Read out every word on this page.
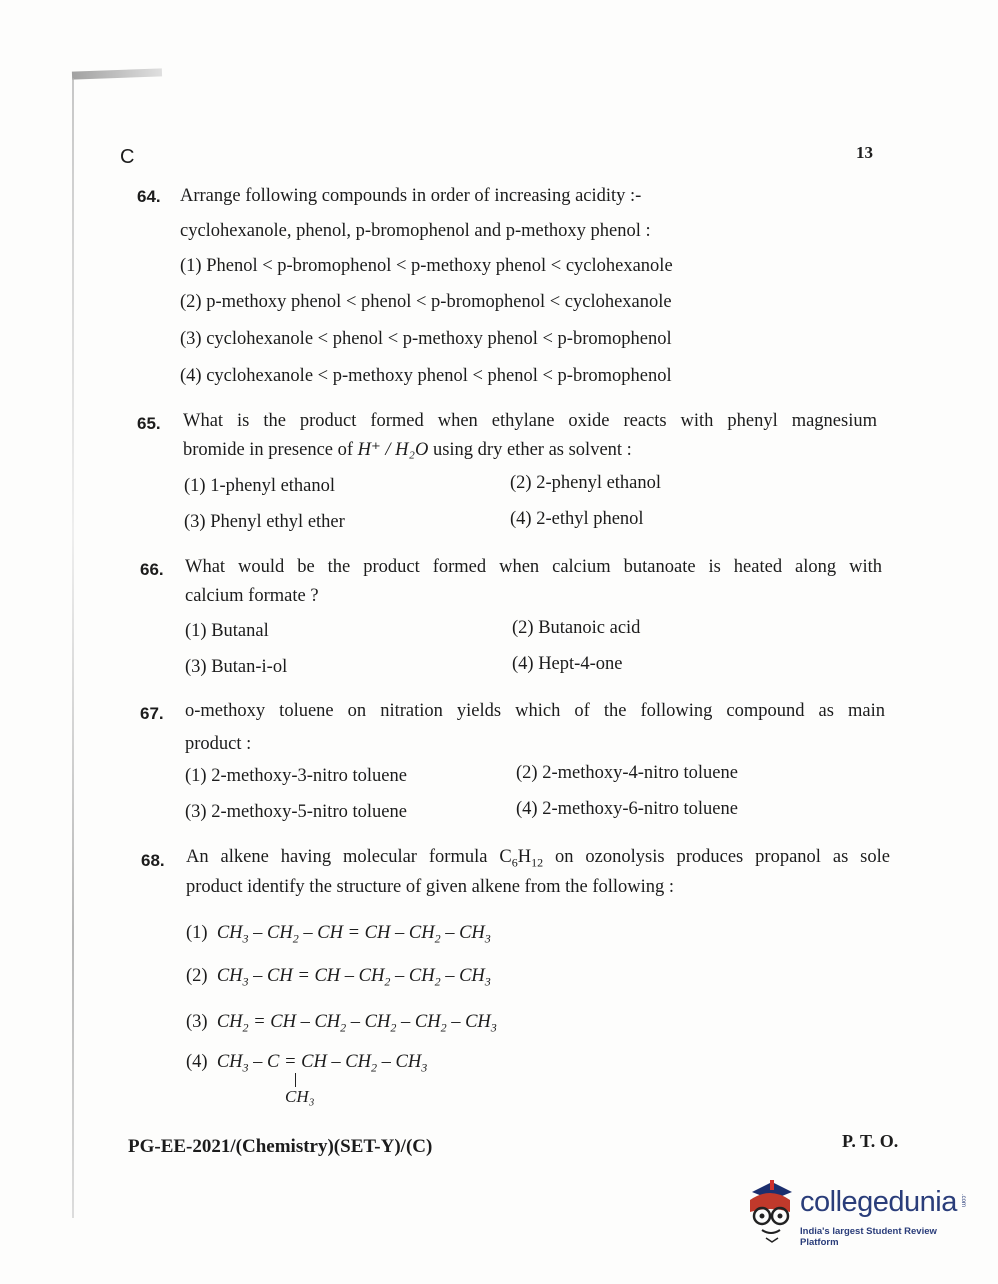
C	13
64. Arrange following compounds in order of increasing acidity :-
cyclohexanole, phenol, p-bromophenol and p-methoxy phenol :
(1) Phenol < p-bromophenol < p-methoxy phenol < cyclohexanole
(2) p-methoxy phenol < phenol < p-bromophenol < cyclohexanole
(3) cyclohexanole < phenol < p-methoxy phenol < p-bromophenol
(4) cyclohexanole < p-methoxy phenol < phenol < p-bromophenol
65. What is the product formed when ethylane oxide reacts with phenyl magnesium
bromide in presence of H⁺ / H₂O using dry ether as solvent :
(1) 1-phenyl ethanol	(2) 2-phenyl ethanol
(3) Phenyl ethyl ether	(4) 2-ethyl phenol
66. What would be the product formed when calcium butanoate is heated along with
calcium formate ?
(1) Butanal	(2) Butanoic acid
(3) Butan-i-ol	(4) Hept-4-one
67. o-methoxy toluene on nitration yields which of the following compound as main
product :
(1) 2-methoxy-3-nitro toluene	(2) 2-methoxy-4-nitro toluene
(3) 2-methoxy-5-nitro toluene	(4) 2-methoxy-6-nitro toluene
68. An alkene having molecular formula $C_6H_{12}$ on ozonolysis produces propanol as sole
product identify the structure of given alkene from the following :
(1) $CH_3 - CH_2$ – CH = CH – $CH_2 - CH_3$
(2) $CH_3$ – CH = CH – $CH_2 - CH_2 - CH_3$
(3) $CH_2$ = CH – $CH_2 - CH_2 - CH_2 - CH_3$
(4) $CH_3$ – C = CH – $CH_2 - CH_3$
CH₃
PG-EE-2021/(Chemistry)(SET-Y)/(C)	P. T. O.
collegedunia .com
India's largest Student Review Platform
